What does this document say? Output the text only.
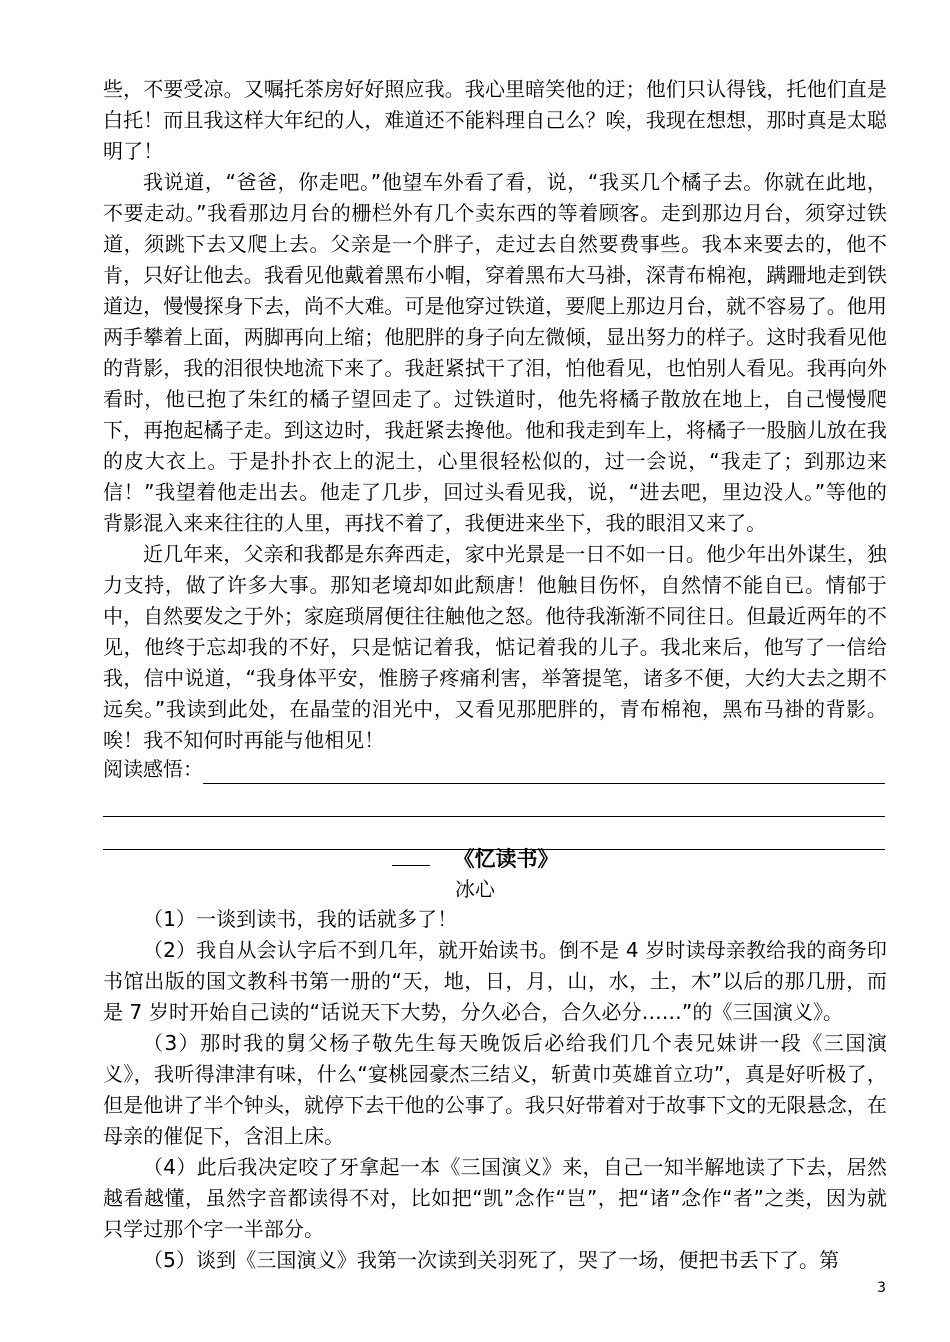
些，不要受凉。又嘱托茶房好好照应我。我心里暗笑他的迂；他们只认得钱，托他们直是白托！而且我这样大年纪的人，难道还不能料理自己么？唉，我现在想想，那时真是太聪明了！

我说道，“爸爸，你走吧。”他望车外看了看，说，“我买几个橘子去。你就在此地，不要走动。”我看那边月台的栅栏外有几个卖东西的等着顾客。走到那边月台，须穿过铁道，须跳下去又爬上去。父亲是一个胖子，走过去自然要费事些。我本来要去的，他不肯，只好让他去。我看见他戴着黑布小帽，穿着黑布大马褂，深青布棉袍，蹒跚地走到铁道边，慢慢探身下去，尚不大难。可是他穿过铁道，要爬上那边月台，就不容易了。他用两手攀着上面，两脚再向上缩；他肥胖的身子向左微倾，显出努力的样子。这时我看见他的背影，我的泪很快地流下来了。我赶紧拭干了泪，怕他看见，也怕别人看见。我再向外看时，他已抱了朱红的橘子望回走了。过铁道时，他先将橘子散放在地上，自己慢慢爬下，再抱起橘子走。到这边时，我赶紧去搀他。他和我走到车上，将橘子一股脑儿放在我的皮大衣上。于是扑扑衣上的泥土，心里很轻松似的，过一会说，“我走了；到那边来信！”我望着他走出去。他走了几步，回过头看见我，说，“进去吧，里边没人。”等他的背影混入来来往往的人里，再找不着了，我便进来坐下，我的眼泪又来了。

近几年来，父亲和我都是东奔西走，家中光景是一日不如一日。他少年出外谋生，独力支持，做了许多大事。那知老境却如此颓唐！他触目伤怀，自然情不能自已。情郁于中，自然要发之于外；家庭琐屑便往往触他之怒。他待我渐渐不同往日。但最近两年的不见，他终于忘却我的不好，只是惦记着我，惦记着我的儿子。我北来后，他写了一信给我，信中说道，“我身体平安，惟膀子疼痛利害，举箸提笔，诸多不便，大约大去之期不远矣。”我读到此处，在晶莹的泪光中，又看见那肥胖的，青布棉袍，黑布马褂的背影。唉！我不知何时再能与他相见！

阅读感悟：
《忆读书》
冰心

（1）一谈到读书，我的话就多了！

（2）我自从会认字后不到几年，就开始读书。倒不是 4 岁时读母亲教给我的商务印书馆出版的国文教科书第一册的“天，地，日，月，山，水，土，木”以后的那几册，而是 7 岁时开始自己读的“话说天下大势，分久必合，合久必分……”的《三国演义》。

（3）那时我的舅父杨子敬先生每天晚饭后必给我们几个表兄妹讲一段《三国演义》，我听得津津有味，什么“宴桃园豪杰三结义，斩黄巾英雄首立功”，真是好听极了，但是他讲了半个钟头，就停下去干他的公事了。我只好带着对于故事下文的无限悬念，在母亲的催促下，含泪上床。

（4）此后我决定咬了牙拿起一本《三国演义》来，自己一知半解地读了下去，居然越看越懂，虽然字音都读得不对，比如把“凯”念作“岂”，把“诸”念作“者”之类，因为就只学过那个字一半部分。

（5）谈到《三国演义》我第一次读到关羽死了，哭了一场，便把书丢下了。第

3
